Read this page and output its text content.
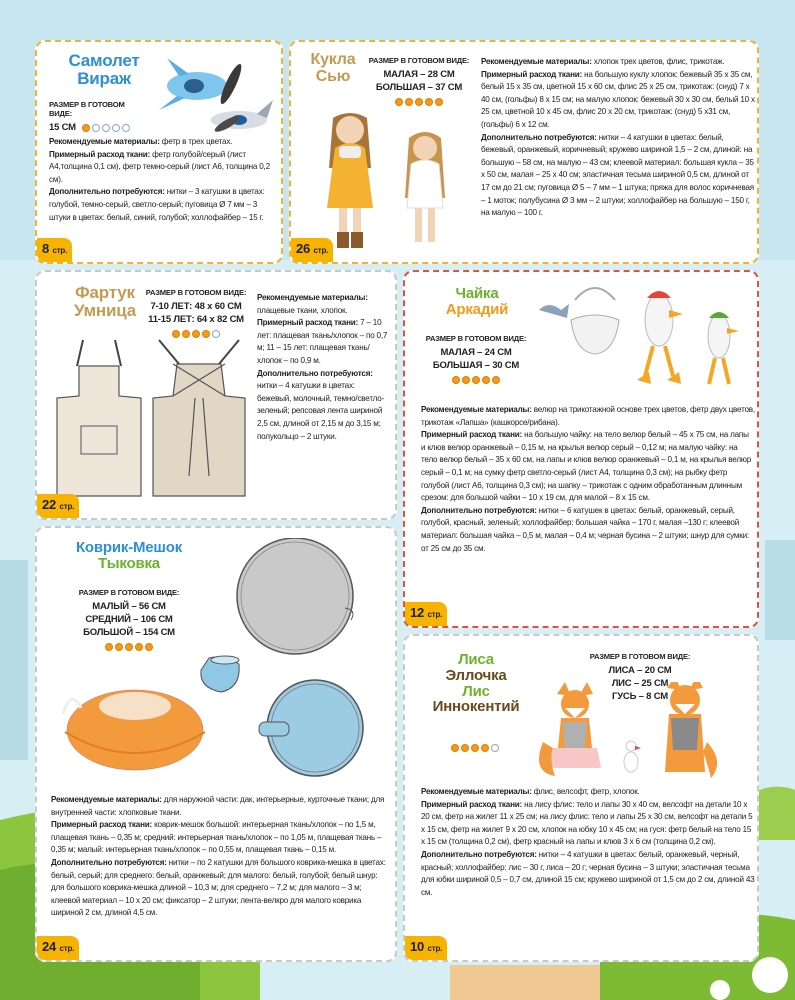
Самолет
Вираж
РАЗМЕР В ГОТОВОМ ВИДЕ:
15 СМ

Рекомендуемые материалы: фетр в трех цветах.

Примерный расход ткани: фетр голубой/серый (лист А4,толщина 0,1 см), фетр темно-серый (лист А6, толщина 0,2 см).

Дополнительно потребуются: нитки – 3 катушки в цветах: голубой, темно-серый, светло-серый; пуговица Ø 7 мм – 3 штуки в цветах: белый, синий, голубой; холлофайбер – 15 г.

8 стр.
Кукла
Сью
РАЗМЕР В ГОТОВОМ ВИДЕ:
МАЛАЯ – 28 СМ
БОЛЬШАЯ – 37 СМ

Рекомендуемые материалы: хлопок трех цветов, флис, трикотаж.

Примерный расход ткани: на большую куклу хлопок: бежевый 35 х 35 см, белый 15 х 35 см, цветной 15 х 60 см, флис 25 х 25 см, трикотаж: (снуд) 7 х 40 см, (гольфы) 8 х 15 см; на малую хлопок: бежевый 30 х 30 см, белый 10 х 25 см, цветной 10 х 45 см, флис 20 х 20 см, трикотаж: (снуд) 5 х31 см, (гольфы) 6 х 12 см.

Дополнительно потребуются: нитки – 4 катушки в цветах: белый, бежевый, оранжевый, коричневый; кружево шириной 1,5 – 2 см, длиной: на большую – 58 см, на малую – 43 см; клеевой материал: большая кукла – 35 х 50 см, малая – 25 х 40 см; эластичная тесьма шириной 0,5 см, длиной от 17 см до 21 см; пуговица Ø 5 – 7 мм – 1 штука; пряжа для волос коричневая – 1 моток; полубусина Ø 3 мм – 2 штуки; холлофайбер на большую – 150 г, на малую – 100 г.

26 стр.
Фартук
Умница
РАЗМЕР В ГОТОВОМ ВИДЕ:
7-10 ЛЕТ: 48 х 60 СМ
11-15 ЛЕТ: 64 х 82 СМ

Рекомендуемые материалы: плащевые ткани, хлопок.

Примерный расход ткани: 7 – 10 лет: плащевая ткань/хлопок – по 0,7 м; 11 – 15 лет: плащевая ткань/хлопок – по 0,9 м.

Дополнительно потребуются: нитки – 4 катушки в цветах: бежевый, молочный, темно/светло-зеленый; репсовая лента шириной 2,5 см, длиной от 2,15 м до 3,15 м; полукольцо – 2 штуки.

22 стр.
Чайка
Аркадий
РАЗМЕР В ГОТОВОМ ВИДЕ:
МАЛАЯ – 24 СМ
БОЛЬШАЯ – 30 СМ

Рекомендуемые материалы: велюр на трикотажной основе трех цветов, фетр двух цветов, трикотаж «Лапша» (кашкорсе/рибана).

Примерный расход ткани: на большую чайку: на тело велюр белый – 45 х 75 см, на лапы и клюв велюр оранжевый – 0,15 м, на крылья велюр серый – 0,12 м; на малую чайку: на тело велюр белый – 35 х 60 см, на лапы и клюв велюр оранжевый – 0,1 м, на крылья велюр серый – 0,1 м; на сумку фетр светло-серый (лист А4, толщина 0,3 см); на рыбку фетр голубой (лист А6, толщина 0,3 см); на шапку – трикотаж с одним обработанным длинным срезом: для большой чайки – 10 х 19 см, для малой – 8 х 15 см.

Дополнительно потребуются: нитки – 6 катушек в цветах: белый, оранжевый, серый, голубой, красный, зеленый; холлофайбер: большая чайка – 170 г, малая –130 г; клеевой материал: большая чайка – 0,5 м, малая – 0,4 м; черная бусина – 2 штуки; шнур для сумки: от 25 см до 35 см.

12 стр.
Коврик-Мешок
Тыковка
РАЗМЕР В ГОТОВОМ ВИДЕ:
МАЛЫЙ – 56 СМ
СРЕДНИЙ – 106 СМ
БОЛЬШОЙ – 154 СМ

Рекомендуемые материалы: для наружной части: дак, интерьерные, курточные ткани; для внутренней части: хлопковые ткани.

Примерный расход ткани: коврик-мешок большой: интерьерная ткань/хлопок – по 1,5 м, плащевая ткань – 0,35 м; средний: интерьерная ткань/хлопок – по 1,05 м, плащевая ткань – 0,35 м; малый: интерьерная ткань/хлопок – по 0,55 м, плащевая ткань – 0,15 м.

Дополнительно потребуются: нитки – по 2 катушки для большого коврика-мешка в цветах: белый, серый; для среднего: белый, оранжевый; для малого: белый, голубой; белый шнур: для большого коврика-мешка длиной – 10,3 м; для среднего – 7,2 м; для малого – 3 м; клеевой материал – 10 х 20 см; фиксатор – 2 штуки; лента-велкро для малого коврика шириной 2 см, длиной 4,5 см.

24 стр.
Лиса
Эллочка
Лис
Иннокентий
РАЗМЕР В ГОТОВОМ ВИДЕ:
ЛИСА – 20 СМ
ЛИС – 25 СМ
ГУСЬ – 8 СМ

Рекомендуемые материалы: флис, велсофт, фетр, хлопок.

Примерный расход ткани: на лису флис: тело и лапы 30 х 40 см, велсофт на детали 10 х 20 см, фетр на жилет 11 х 25 см; на лису флис: тело и лапы 25 х 30 см, велсофт на детали 5 х 15 см, фетр на жилет 9 х 20 см, хлопок на юбку 10 х 45 см; на гуся: фетр белый на тело 15 х 15 см (толщина 0,2 см), фетр красный на лапы и клюв 3 х 6 см (толщина 0,2 см).

Дополнительно потребуются: нитки – 4 катушки в цветах: белый, оранжевый, черный, красный; холлофайбер: лис – 30 г, лиса – 20 г; черная бусина – 3 штуки; эластичная тесьма для юбки шириной 0,5 – 0,7 см, длиной 15 см; кружево шириной от 1,5 см до 2 см, длиной 43 см.

10 стр.
